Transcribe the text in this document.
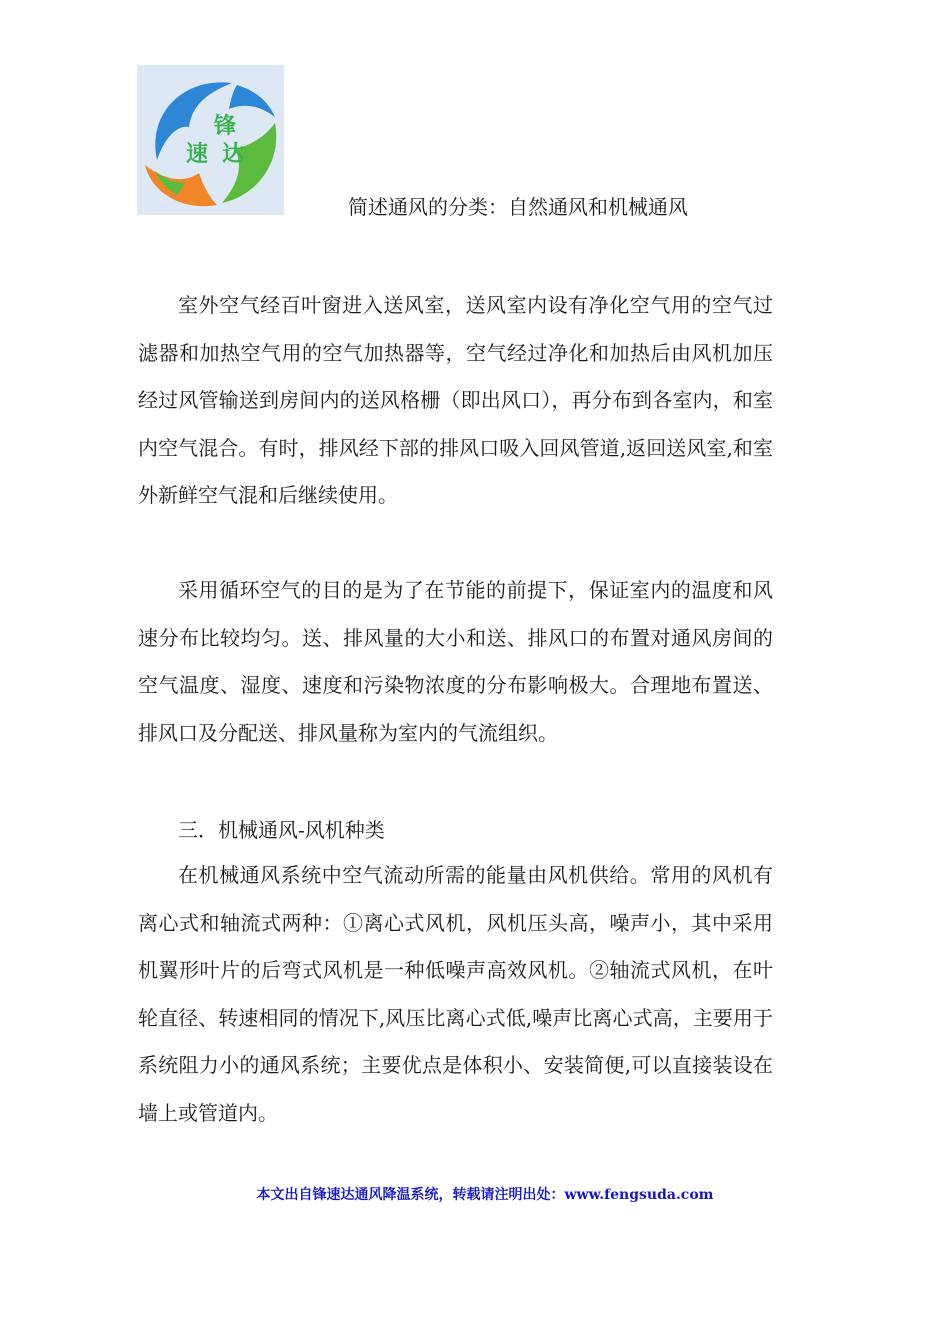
锋
速 达
简述通风的分类：自然通风和机械通风

室外空气经百叶窗进入送风室，送风室内设有净化空气用的空气过滤器和加热空气用的空气加热器等，空气经过净化和加热后由风机加压经过风管输送到房间内的送风格栅（即出风口），再分布到各室内，和室内空气混合。有时，排风经下部的排风口吸入回风管道,返回送风室,和室外新鲜空气混和后继续使用。

采用循环空气的目的是为了在节能的前提下，保证室内的温度和风速分布比较均匀。送、排风量的大小和送、排风口的布置对通风房间的空气温度、湿度、速度和污染物浓度的分布影响极大。合理地布置送、排风口及分配送、排风量称为室内的气流组织。

三．机械通风-风机种类

在机械通风系统中空气流动所需的能量由风机供给。常用的风机有离心式和轴流式两种：①离心式风机，风机压头高，噪声小，其中采用机翼形叶片的后弯式风机是一种低噪声高效风机。②轴流式风机，在叶轮直径、转速相同的情况下,风压比离心式低,噪声比离心式高，主要用于系统阻力小的通风系统；主要优点是体积小、安装简便,可以直接装设在墙上或管道内。

本文出自锋速达通风降温系统，转载请注明出处：www.fengsuda.com
